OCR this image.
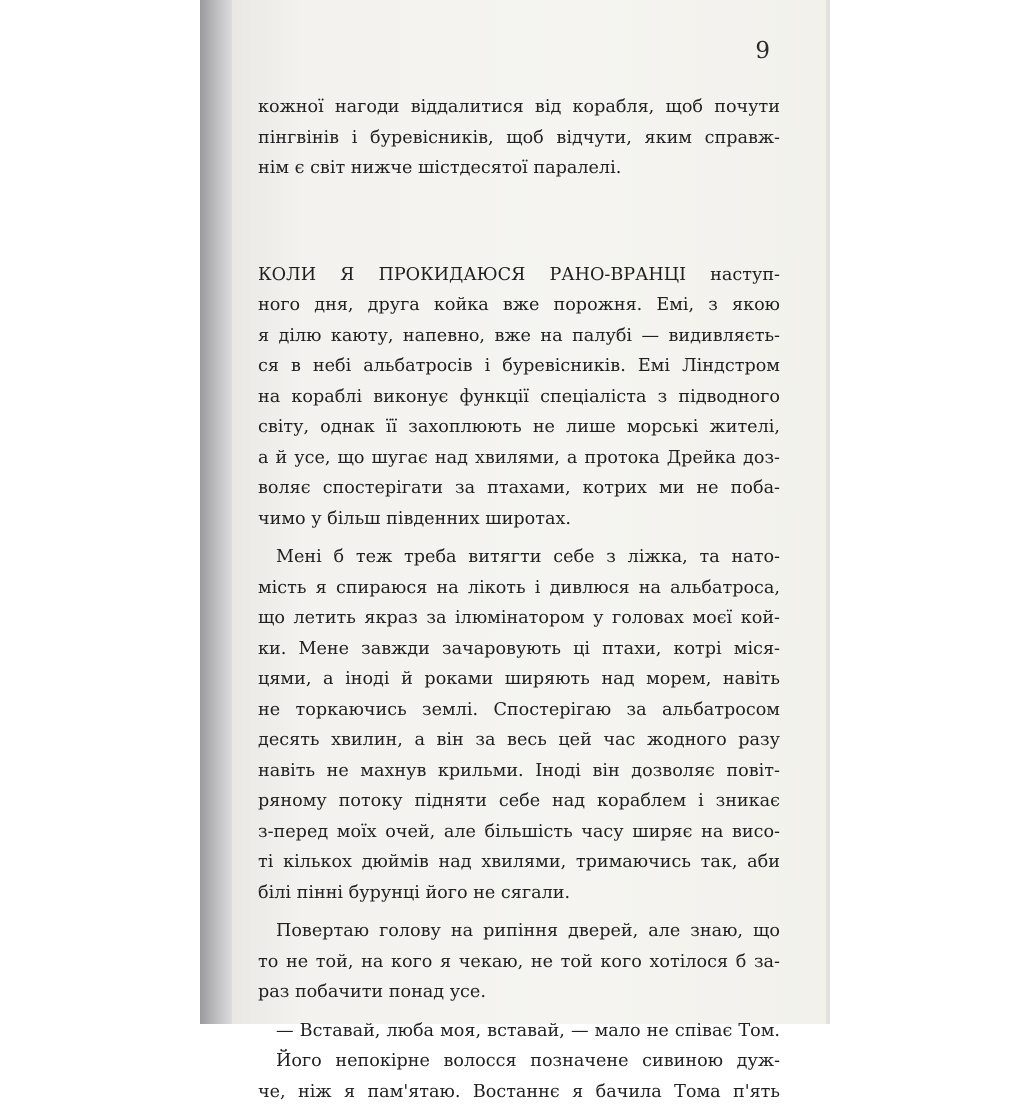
9
кожної нагоди віддалитися від корабля, щоб почути
пінгвінів і буревісників, щоб відчути, яким справж-
нім є світ нижче шістдесятої паралелі.
КОЛИ Я ПРОКИДАЮСЯ РАНО-ВРАНЦІ наступ-
ного дня, друга койка вже порожня. Емі, з якою
я ділю каюту, напевно, вже на палубі — видивляєть-
ся в небі альбатросів і буревісників. Емі Ліндстром
на кораблі виконує функції спеціаліста з підводного
світу, однак її захоплюють не лише морські жителі,
а й усе, що шугає над хвилями, а протока Дрейка доз-
воляє спостерігати за птахами, котрих ми не поба-
чимо у більш південних широтах.
Мені б теж треба витягти себе з ліжка, та нато-
мість я спираюся на лікоть і дивлюся на альбатроса,
що летить якраз за ілюмінатором у головах моєї кой-
ки. Мене завжди зачаровують ці птахи, котрі міся-
цями, а іноді й роками ширяють над морем, навіть
не торкаючись землі. Спостерігаю за альбатросом
десять хвилин, а він за весь цей час жодного разу
навіть не махнув крильми. Іноді він дозволяє повіт-
ряному потоку підняти себе над кораблем і зникає
з-перед моїх очей, але більшість часу ширяє на висо-
ті кількох дюймів над хвилями, тримаючись так, аби
білі пінні бурунці його не сягали.
Повертаю голову на рипіння дверей, але знаю, що
то не той, на кого я чекаю, не той кого хотілося б за-
раз побачити понад усе.
— Вставай, люба моя, вставай, — мало не співає Том.
Його непокірне волосся позначене сивиною дуж-
че, ніж я пам'ятаю. Востаннє я бачила Тома п'ять
